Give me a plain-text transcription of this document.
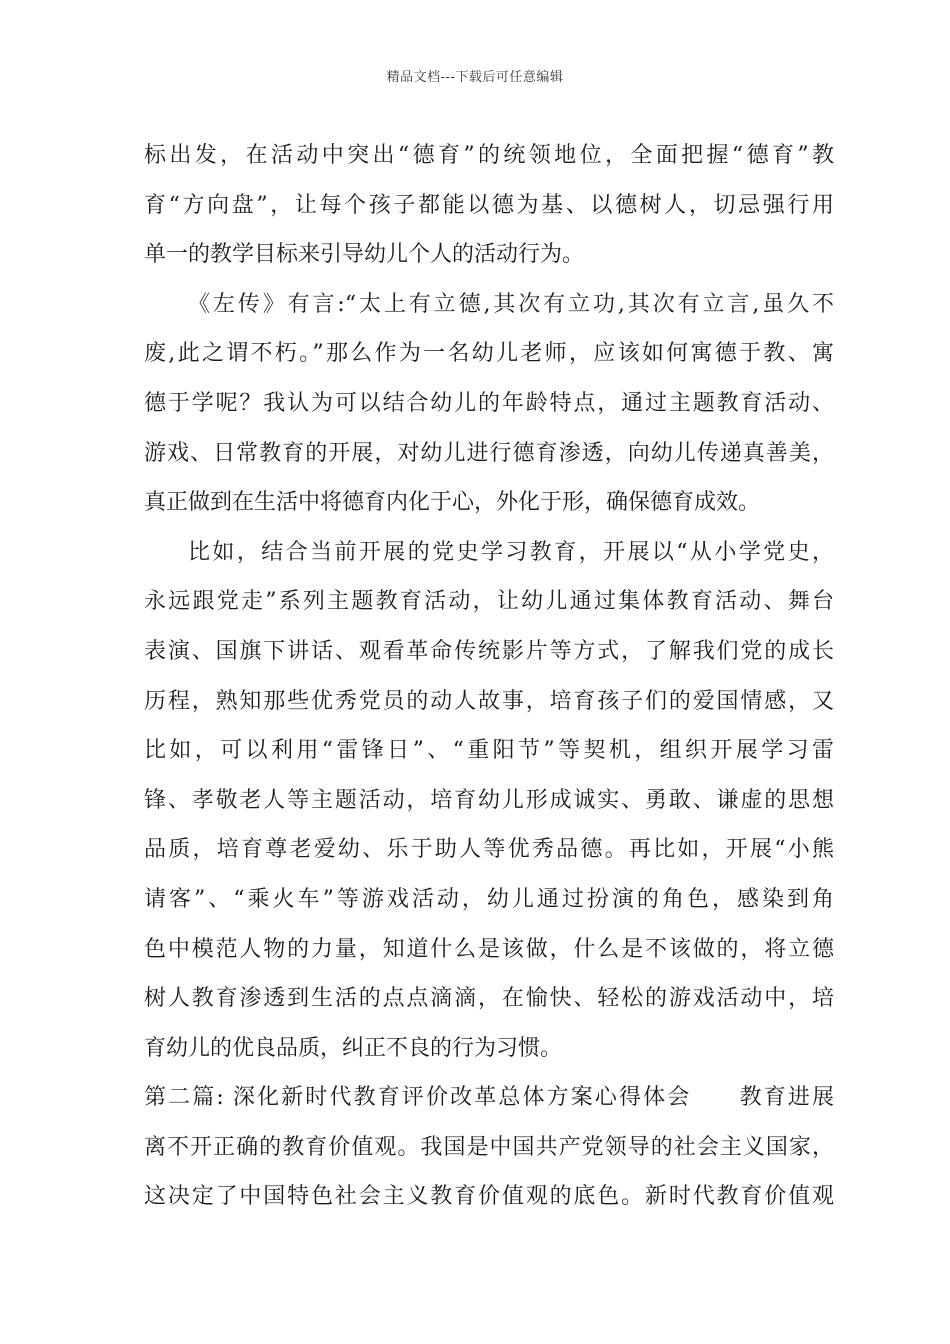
精品文档---下载后可任意编辑
标出发，在活动中突出“德育”的统领地位，全面把握“德育”教
育“方向盘”，让每个孩子都能以德为基、以德树人，切忌强行用
单一的教学目标来引导幼儿个人的活动行为。
《左传》有言:“太上有立德,其次有立功,其次有立言,虽久不
废,此之谓不朽。”那么作为一名幼儿老师，应该如何寓德于教、寓
德于学呢？我认为可以结合幼儿的年龄特点，通过主题教育活动、
游戏、日常教育的开展，对幼儿进行德育渗透，向幼儿传递真善美，
真正做到在生活中将德育内化于心，外化于形，确保德育成效。
比如，结合当前开展的党史学习教育，开展以“从小学党史，
永远跟党走”系列主题教育活动，让幼儿通过集体教育活动、舞台
表演、国旗下讲话、观看革命传统影片等方式，了解我们党的成长
历程，熟知那些优秀党员的动人故事，培育孩子们的爱国情感，又
比如，可以利用“雷锋日”、“重阳节”等契机，组织开展学习雷
锋、孝敬老人等主题活动，培育幼儿形成诚实、勇敢、谦虚的思想
品质，培育尊老爱幼、乐于助人等优秀品德。再比如，开展“小熊
请客”、“乘火车”等游戏活动，幼儿通过扮演的角色，感染到角
色中模范人物的力量，知道什么是该做，什么是不该做的，将立德
树人教育渗透到生活的点点滴滴，在愉快、轻松的游戏活动中，培
育幼儿的优良品质，纠正不良的行为习惯。
第二篇: 深化新时代教育评价改革总体方案心得体会　　教育进展
离不开正确的教育价值观。我国是中国共产党领导的社会主义国家，
这决定了中国特色社会主义教育价值观的底色。新时代教育价值观
